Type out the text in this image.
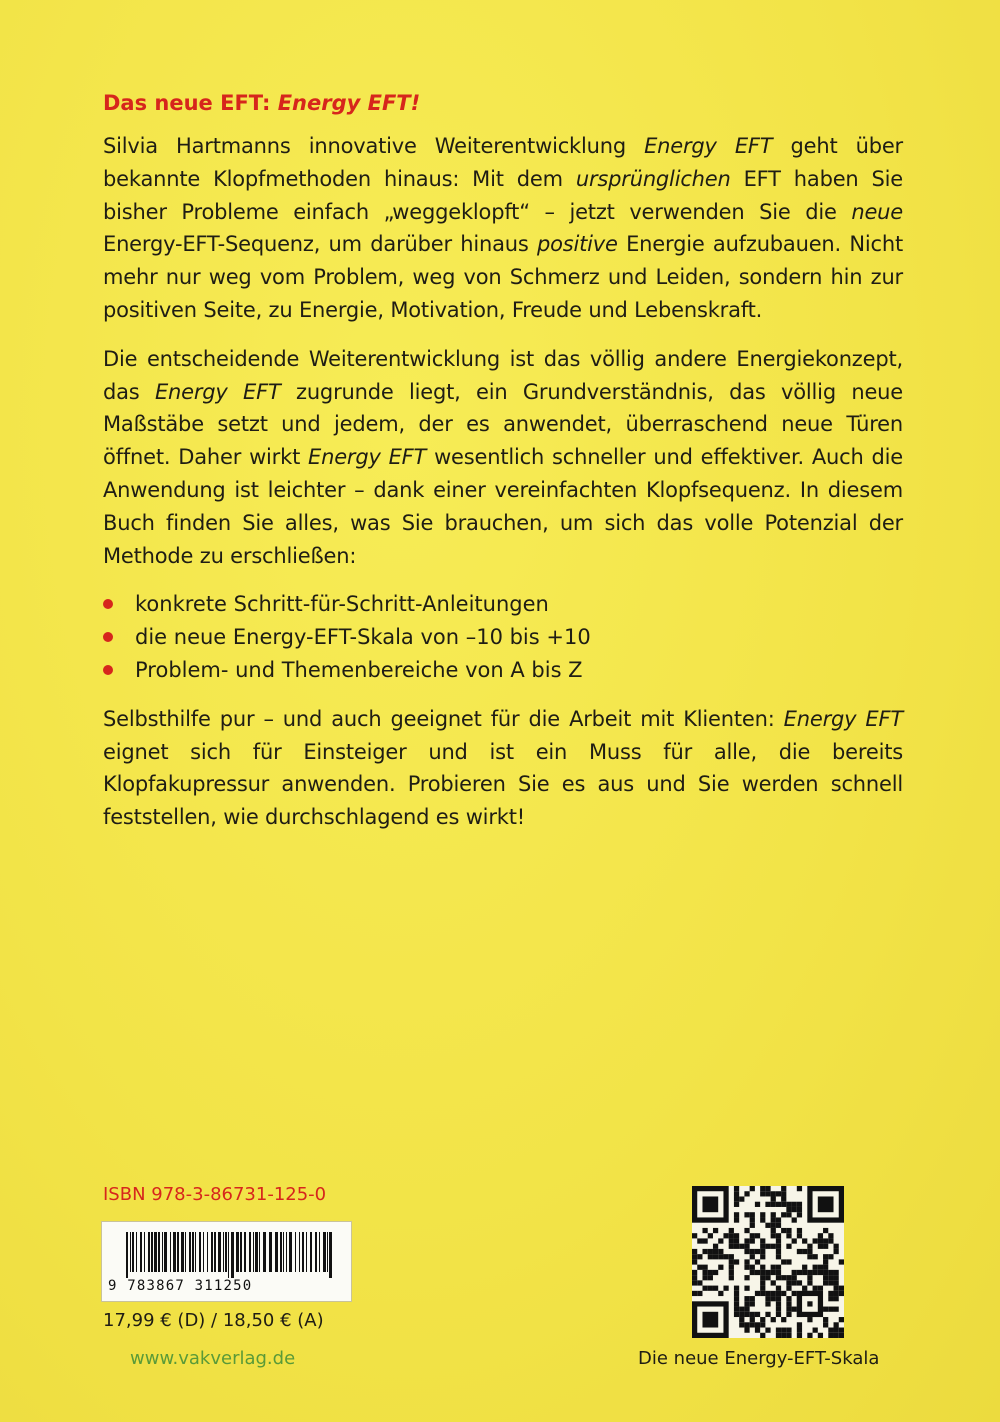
Das neue EFT: Energy EFT!

Silvia Hartmanns innovative Weiterentwicklung Energy EFT geht über bekannte Klopfmethoden hinaus: Mit dem ursprünglichen EFT haben Sie bisher Probleme einfach „weggeklopft“ – jetzt verwenden Sie die neue Energy-EFT-Sequenz, um darüber hinaus positive Energie aufzubauen. Nicht mehr nur weg vom Problem, weg von Schmerz und Leiden, sondern hin zur positiven Seite, zu Energie, Motivation, Freude und Lebenskraft.

Die entscheidende Weiterentwicklung ist das völlig andere Energiekonzept, das Energy EFT zugrunde liegt, ein Grundverständnis, das völlig neue Maßstäbe setzt und jedem, der es anwendet, überraschend neue Türen öffnet. Daher wirkt Energy EFT wesentlich schneller und effektiver. Auch die Anwendung ist leichter – dank einer vereinfachten Klopfsequenz. In diesem Buch finden Sie alles, was Sie brauchen, um sich das volle Potenzial der Methode zu erschließen:

konkrete Schritt-für-Schritt-Anleitungen
die neue Energy-EFT-Skala von –10 bis +10
Problem- und Themenbereiche von A bis Z

Selbsthilfe pur – und auch geeignet für die Arbeit mit Klienten: Energy EFT eignet sich für Einsteiger und ist ein Muss für alle, die bereits Klopfakupressur anwenden. Probieren Sie es aus und Sie werden schnell feststellen, wie durchschlagend es wirkt!

ISBN 978-3-86731-125-0
9 783867 311250
17,99 € (D) / 18,50 € (A)
www.vakverlag.de	Die neue Energy-EFT-Skala
